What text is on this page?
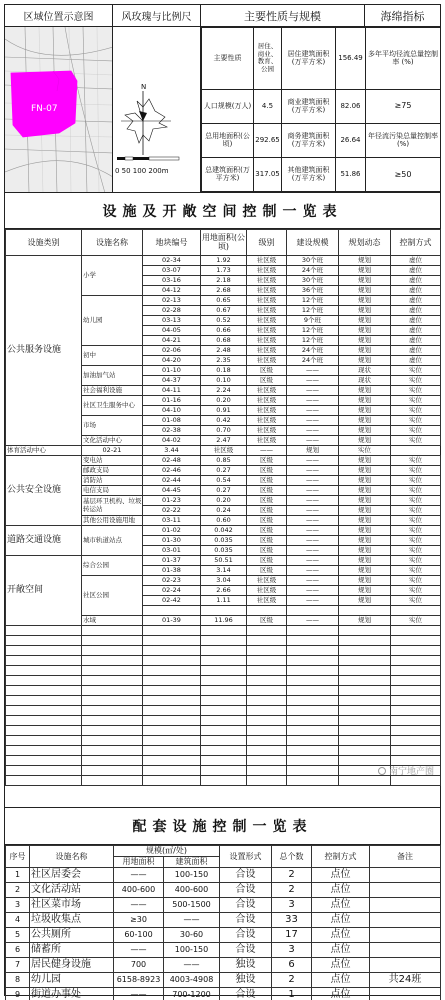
区域位置示意图	风玫瑰与比例尺	主要性质与规模	海绵指标
FN-07
N
0 50 100 200m
主要性质	居住、商业、教育、公园	居住建筑面积(万平方米)	156.49	多年平均径流总量控制率 (%)
人口规模(万人)	4.5	商业建筑面积(万平方米)	82.06	≥75
总用地面积(公顷)	292.65	商务建筑面积(万平方米)	26.64	年径流污染总量控制率 (%)
总建筑面积(万平方米)	317.05	其他建筑面积(万平方米)	51.86	≥50
设施及开敞空间控制一览表
设施类别	设施名称	地块编号	用地面积(公顷)	级别	建设规模	规划动态	控制方式
公共服务设施	小学	02-34	1.92	社区级	30个班	规划	虚位
		03-07	1.73	社区级	24个班	规划	虚位
		03-16	2.18	社区级	30个班	规划	虚位
		04-12	2.68	社区级	36个班	规划	虚位
	幼儿园	02-13	0.65	社区级	12个班	规划	虚位
		02-28	0.67	社区级	12个班	规划	虚位
		03-13	0.52	社区级	9个班	规划	虚位
		04-05	0.66	社区级	12个班	规划	虚位
		04-21	0.68	社区级	12个班	规划	虚位
	初中	02-06	2.48	社区级	24个班	规划	虚位
		04-20	2.35	社区级	24个班	规划	虚位
	加油加气站	01-10	0.18	区级	——	现状	实位
		04-37	0.10	区级	——	现状	实位
	社会福利设施	04-11	2.24	社区级	——	规划	实位
	社区卫生服务中心	01-16	0.20	社区级	——	规划	实位
		04-10	0.91	社区级	——	规划	实位
	市场	01-08	0.42	社区级	——	规划	实位
		02-38	0.70	社区级	——	规划	实位
	文化活动中心	04-02	2.47	社区级	——	规划	实位
体育活动中心	02-21	3.44	社区级	——	规划	实位	
公共安全设施	变电站	02-48	0.85	区级	——	规划	实位
	邮政支局	02-46	0.27	区级	——	规划	实位
	消防站	02-44	0.54	区级	——	规划	实位
	电信支局	04-45	0.27	区级	——	规划	实位
	基层环卫机构、垃圾转运站	01-23	0.20	区级	——	规划	实位
		02-22	0.24	区级	——	规划	实位
	其他公用设施用地	03-11	0.60	区级	——	规划	实位
道路交通设施	城市轨道站点	01-02	0.042	区级	——	规划	实位
		01-30	0.035	区级	——	规划	实位
		03-01	0.035	区级	——	规划	实位
开敞空间	综合公园	01-37	50.51	区级	——	规划	实位
		01-38	3.14	区级	——	规划	实位
	社区公园	02-23	3.04	社区级	——	规划	实位
		02-24	2.66	社区级	——	规划	实位
		02-42	1.11	社区级	——	规划	实位

	水域	01-39	11.96	区级	——	规划	实位

配套设施控制一览表
序号	设施名称	规模(㎡/处)		设置形式	总个数	控制方式	备注
		用地面积	建筑面积				
1	社区居委会	——	100-150	合设	2	点位	
2	文化活动站	400-600	400-600	合设	2	点位	
3	社区菜市场	——	500-1500	合设	3	点位	
4	垃圾收集点	≥30	——	合设	33	点位	
5	公共厕所	60-100	30-60	合设	17	点位	
6	储蓄所	——	100-150	合设	3	点位	
7	居民健身设施	700	——	独设	6	点位	
8	幼儿园	6158-8923	4003-4908	独设	2	点位	共24班
9	街道办事处	——	700-1200	合设	1	点位	
南宁地产圈
